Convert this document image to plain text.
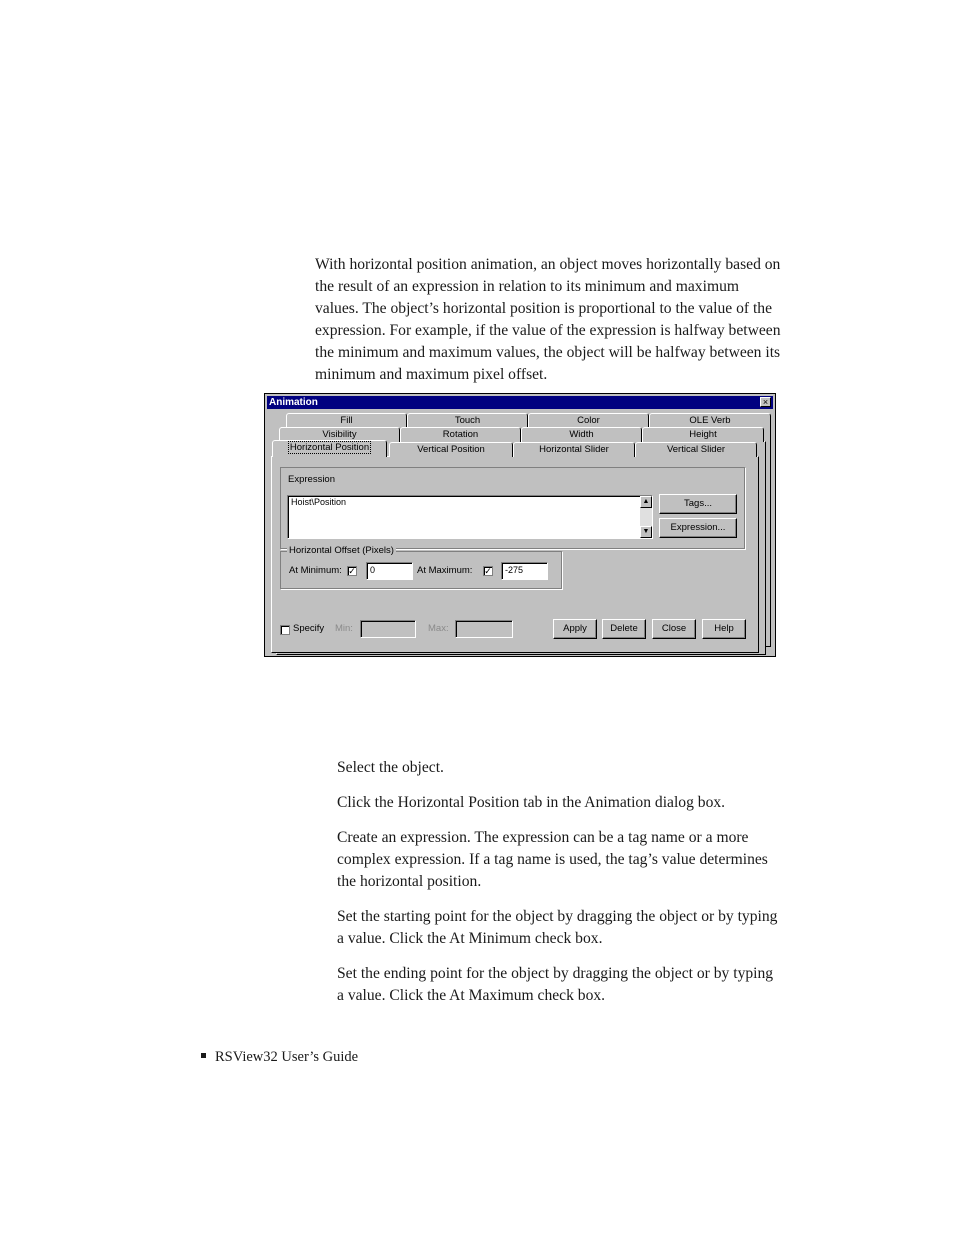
With horizontal position animation, an object moves horizontally based on the result of an expression in relation to its minimum and maximum values. The object’s horizontal position is proportional to the value of the expression. For example, if the value of the expression is halfway between the minimum and maximum values, the object will be halfway between its minimum and maximum pixel offset.

Animation	×
Fill	Touch	Color	OLE Verb
Visibility	Rotation	Width	Height
Horizontal Position	Vertical Position	Horizontal Slider	Vertical Slider
Expression
Hoist\Position	▲
▼
Tags...
Expression...
Horizontal Offset (Pixels)
At Minimum: ✓	0	At Maximum: ✓	-275
Specify Min:	Max:	Apply	Delete	Close	Help

Select the object.

Click the Horizontal Position tab in the Animation dialog box.

Create an expression. The expression can be a tag name or a more complex expression. If a tag name is used, the tag’s value determines the horizontal position.

Set the starting point for the object by dragging the object or by typing a value. Click the At Minimum check box.

Set the ending point for the object by dragging the object or by typing a value. Click the At Maximum check box.

RSView32 User’s Guide
